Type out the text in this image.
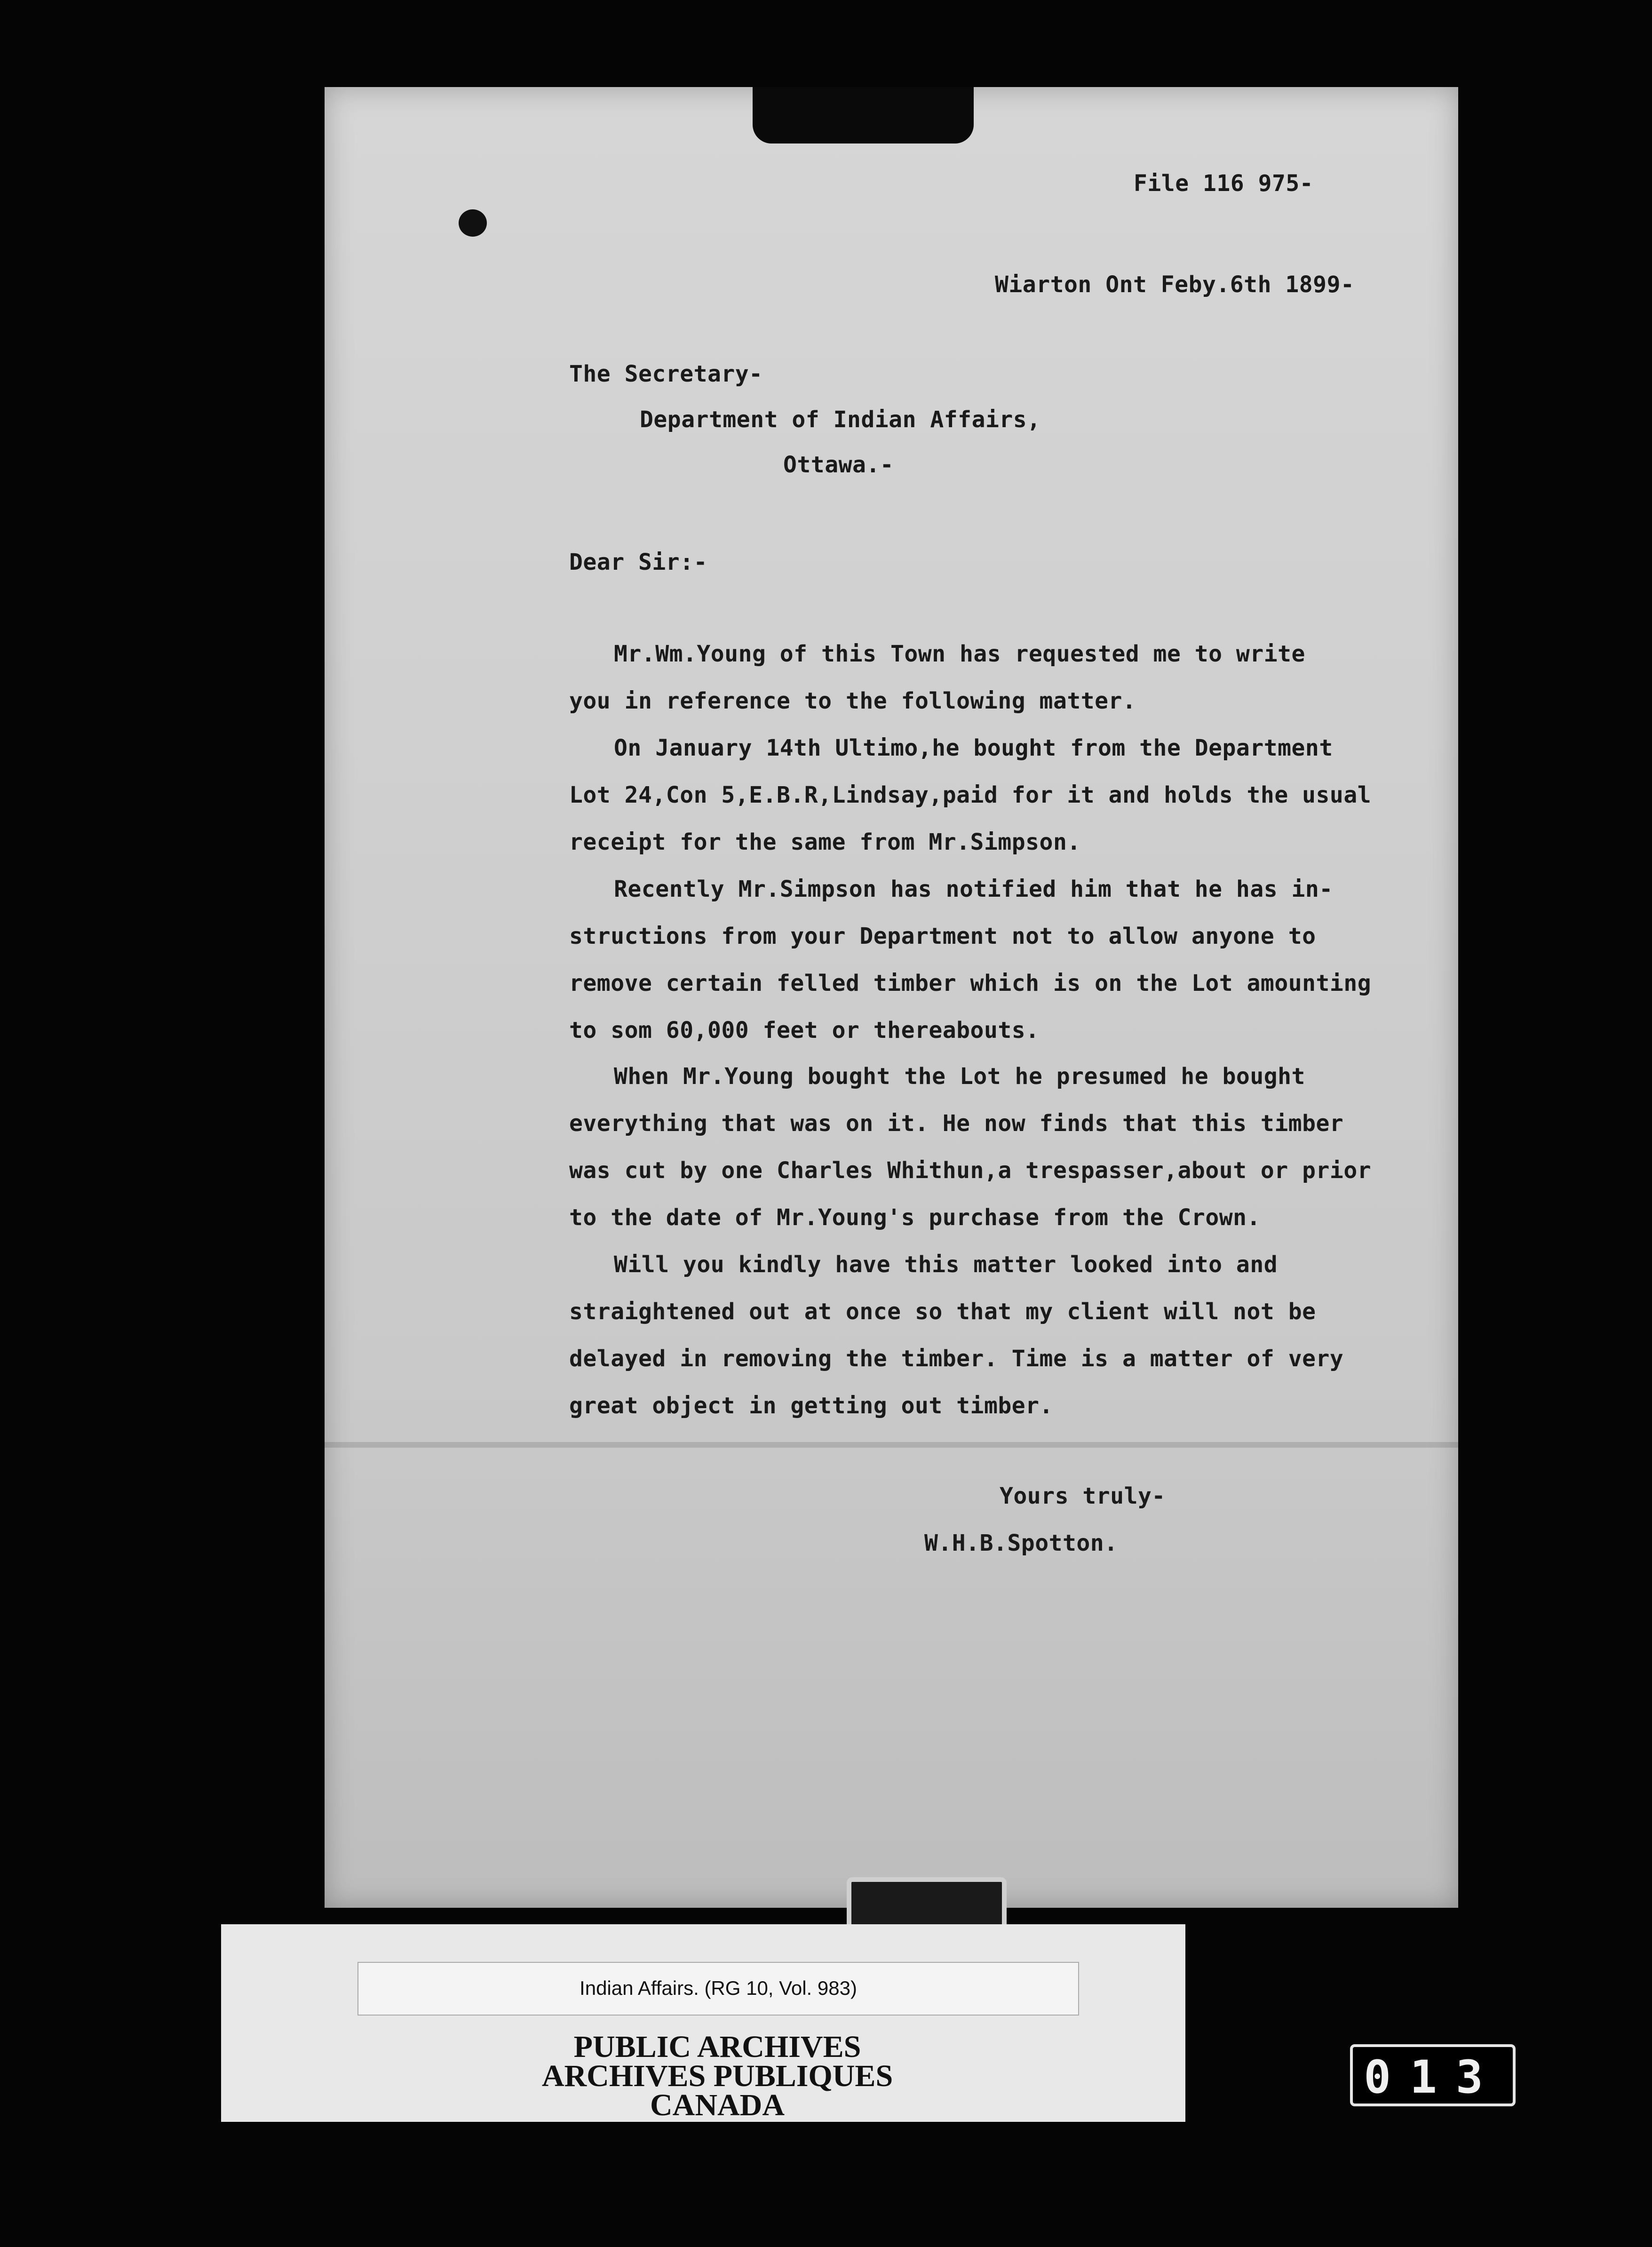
File 116 975-

Wiarton Ont Feby.6th 1899-

The Secretary-

Department of Indian Affairs,

Ottawa.-

Dear Sir:-

Mr.Wm.Young of this Town has requested me to write

you in reference to the following matter.

On January 14th Ultimo,he bought from the Department

Lot 24,Con 5,E.B.R,Lindsay,paid for it and holds the usual

receipt for the same from Mr.Simpson.

Recently Mr.Simpson has notified him that he has in-

structions from your Department not to allow anyone to

remove certain felled timber which is on the Lot amounting

to som 60,000 feet or thereabouts.

When Mr.Young bought the Lot he presumed he bought

everything that was on it. He now finds that this timber

was cut by one Charles Whithun,a trespasser,about or prior

to the date of Mr.Young's purchase from the Crown.

Will you kindly have this matter looked into and

straightened out at once so that my client will not be

delayed in removing the timber. Time is a matter of very

great object in getting out timber.

Yours truly-

W.H.B.Spotton.

Indian Affairs. (RG 10, Vol. 983)
PUBLIC ARCHIVES
ARCHIVES PUBLIQUES
CANADA
013
